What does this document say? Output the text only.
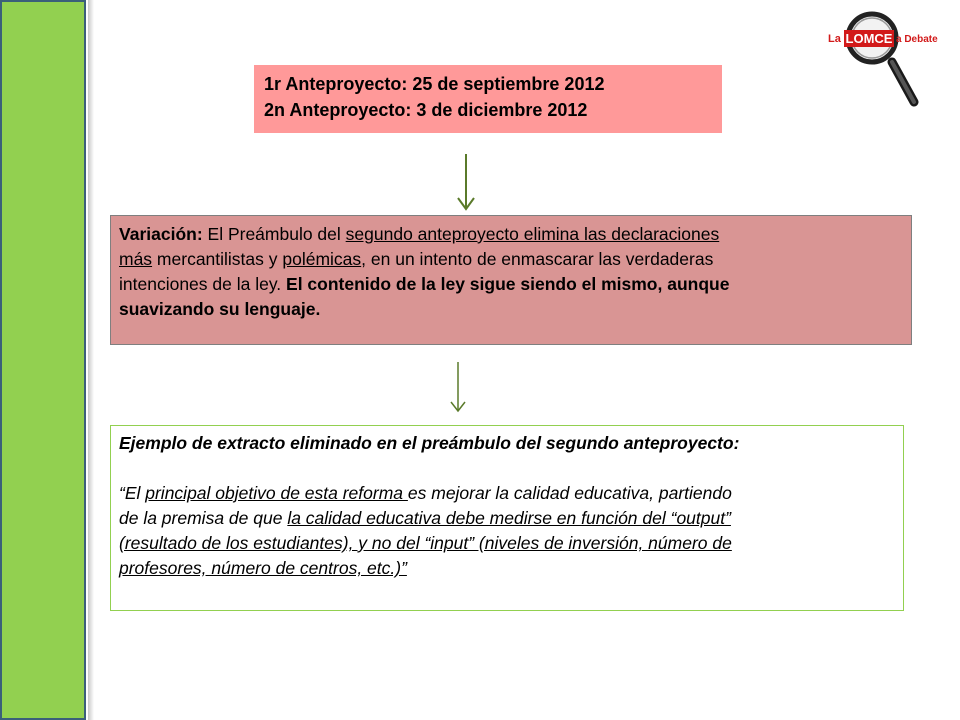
La LOMCE a Debate
1r Anteproyecto: 25 de septiembre 2012
2n Anteproyecto: 3 de diciembre 2012
Variación: El Preámbulo del segundo anteproyecto elimina las declaraciones
más mercantilistas y polémicas, en un intento de enmascarar las verdaderas
intenciones de la ley. El contenido de la ley sigue siendo el mismo, aunque
suavizando su lenguaje.
Ejemplo de extracto eliminado en el preámbulo del segundo anteproyecto:
“El principal objetivo de esta reforma es mejorar la calidad educativa, partiendo
de la premisa de que la calidad educativa debe medirse en función del “output”
(resultado de los estudiantes), y no del “input” (niveles de inversión, número de
profesores, número de centros, etc.)”
